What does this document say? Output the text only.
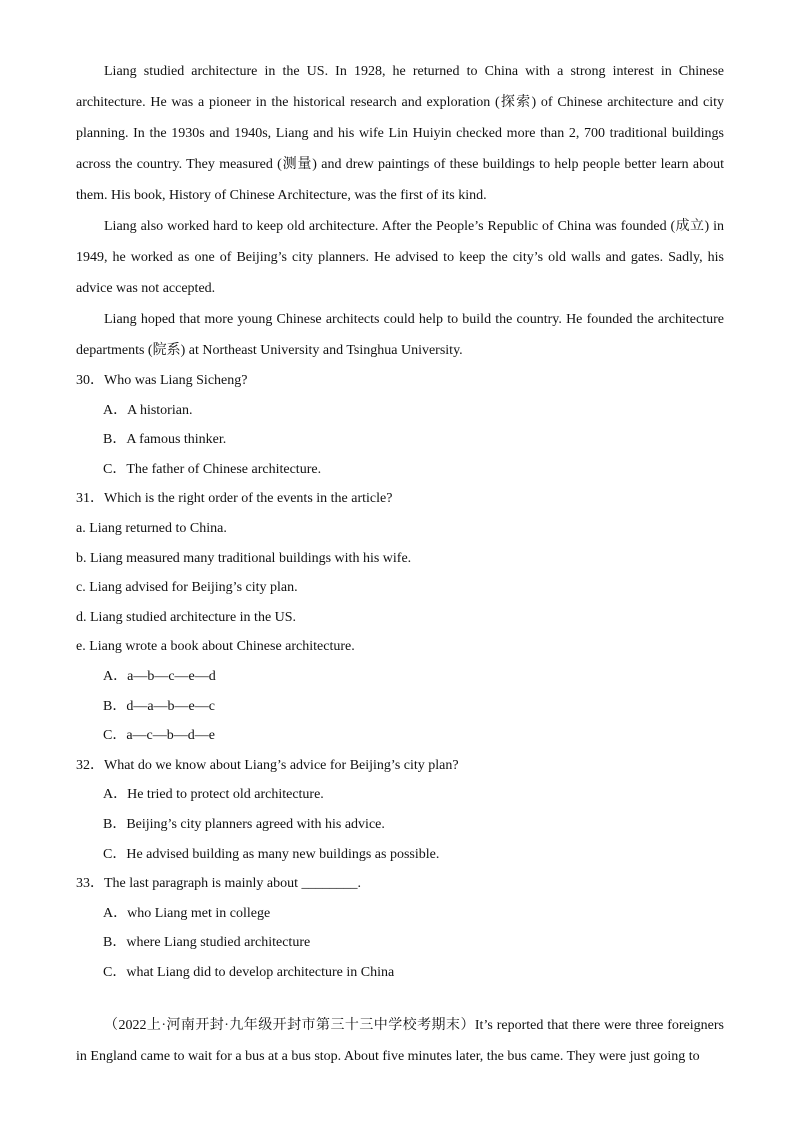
Liang studied architecture in the US. In 1928, he returned to China with a strong interest in Chinese architecture. He was a pioneer in the historical research and exploration (探索) of Chinese architecture and city planning. In the 1930s and 1940s, Liang and his wife Lin Huiyin checked more than 2, 700 traditional buildings across the country. They measured (测量) and drew paintings of these buildings to help people better learn about them. His book, History of Chinese Architecture, was the first of its kind.

Liang also worked hard to keep old architecture. After the People’s Republic of China was founded (成立) in 1949, he worked as one of Beijing’s city planners. He advised to keep the city’s old walls and gates. Sadly, his advice was not accepted.

Liang hoped that more young Chinese architects could help to build the country. He founded the architecture departments (院系) at Northeast University and Tsinghua University.

30．Who was Liang Sicheng?
A．A historian.
B．A famous thinker.
C．The father of Chinese architecture.
31．Which is the right order of the events in the article?
a. Liang returned to China.
b. Liang measured many traditional buildings with his wife.
c. Liang advised for Beijing’s city plan.
d. Liang studied architecture in the US.
e. Liang wrote a book about Chinese architecture.
A．a—b—c—e—d
B．d—a—b—e—c
C．a—c—b—d—e
32．What do we know about Liang’s advice for Beijing’s city plan?
A．He tried to protect old architecture.
B．Beijing’s city planners agreed with his advice.
C．He advised building as many new buildings as possible.
33．The last paragraph is mainly about ________.
A．who Liang met in college
B．where Liang studied architecture
C．what Liang did to develop architecture in China

（2022上·河南开封·九年级开封市第三十三中学校考期末）It’s reported that there were three foreigners in England came to wait for a bus at a bus stop. About five minutes later, the bus came. They were just going to
